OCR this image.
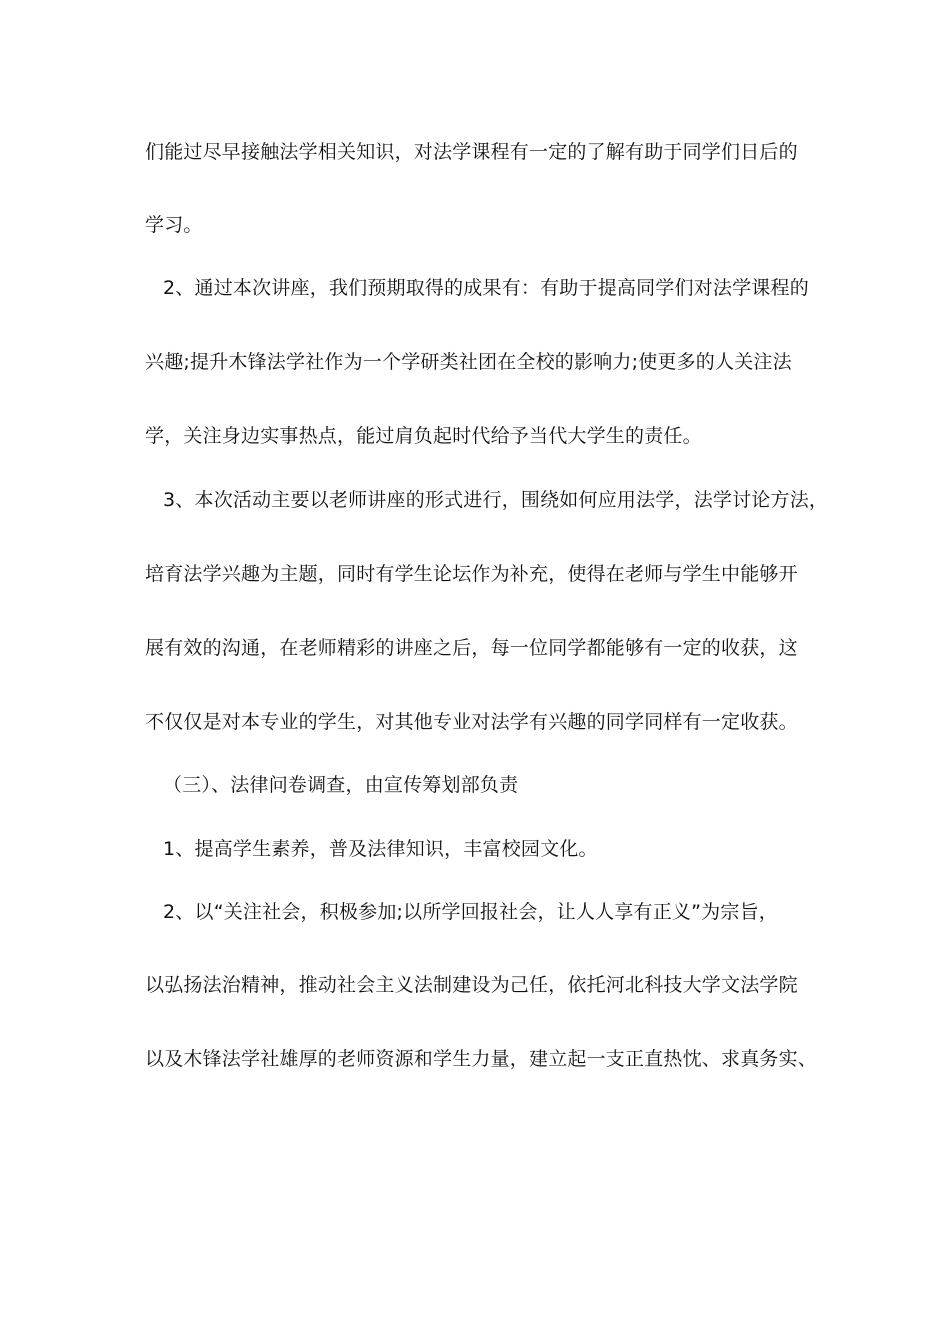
们能过尽早接触法学相关知识，对法学课程有一定的了解有助于同学们日后的
学习。
2、通过本次讲座，我们预期取得的成果有：有助于提高同学们对法学课程的
兴趣;提升木锋法学社作为一个学研类社团在全校的影响力;使更多的人关注法
学，关注身边实事热点，能过肩负起时代给予当代大学生的责任。
3、本次活动主要以老师讲座的形式进行，围绕如何应用法学，法学讨论方法，
培育法学兴趣为主题，同时有学生论坛作为补充，使得在老师与学生中能够开
展有效的沟通，在老师精彩的讲座之后，每一位同学都能够有一定的收获，这
不仅仅是对本专业的学生，对其他专业对法学有兴趣的同学同样有一定收获。
（三）、法律问卷调查，由宣传筹划部负责
1、提高学生素养，普及法律知识，丰富校园文化。
2、以“关注社会，积极参加;以所学回报社会，让人人享有正义”为宗旨，
以弘扬法治精神，推动社会主义法制建设为己任，依托河北科技大学文法学院
以及木锋法学社雄厚的老师资源和学生力量，建立起一支正直热忱、求真务实、
